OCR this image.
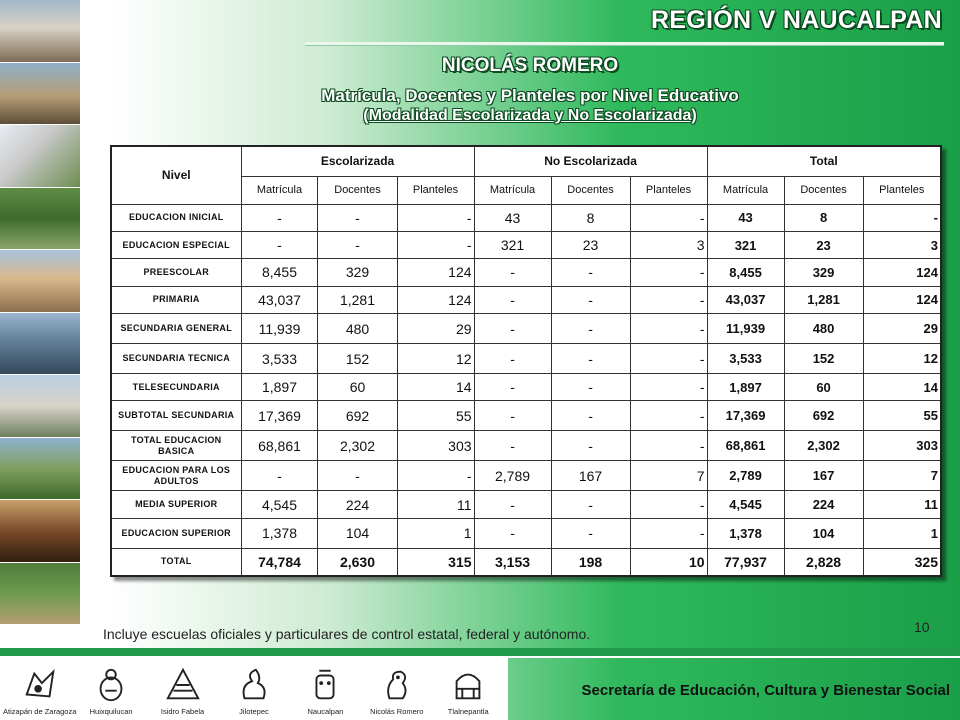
REGIÓN V NAUCALPAN
NICOLÁS ROMERO
Matrícula, Docentes y Planteles por Nivel Educativo
(Modalidad Escolarizada y No Escolarizada)
Nivel	Escolarizada			No Escolarizada			Total		
	Matrícula	Docentes	Planteles	Matrícula	Docentes	Planteles	Matrícula	Docentes	Planteles
EDUCACION INICIAL	-	-	-	43	8	-	43	8	-
EDUCACION ESPECIAL	-	-	-	321	23	3	321	23	3
PREESCOLAR	8,455	329	124	-	-	-	8,455	329	124
PRIMARIA	43,037	1,281	124	-	-	-	43,037	1,281	124
SECUNDARIA GENERAL	11,939	480	29	-	-	-	11,939	480	29
SECUNDARIA TECNICA	3,533	152	12	-	-	-	3,533	152	12
TELESECUNDARIA	1,897	60	14	-	-	-	1,897	60	14
SUBTOTAL SECUNDARIA	17,369	692	55	-	-	-	17,369	692	55
TOTAL EDUCACION BASICA	68,861	2,302	303	-	-	-	68,861	2,302	303
EDUCACION PARA LOS ADULTOS	-	-	-	2,789	167	7	2,789	167	7
MEDIA SUPERIOR	4,545	224	11	-	-	-	4,545	224	11
EDUCACION SUPERIOR	1,378	104	1	-	-	-	1,378	104	1
TOTAL	74,784	2,630	315	3,153	198	10	77,937	2,828	325
Incluye escuelas oficiales y particulares de control estatal, federal y autónomo.	10
Atizapán de Zaragoza Huixquilucan	Isidro Fabela	Jilotepec	Naucalpan	Nicolás Romero	Tlalnepantla
Secretaría de Educación, Cultura y Bienestar Social
